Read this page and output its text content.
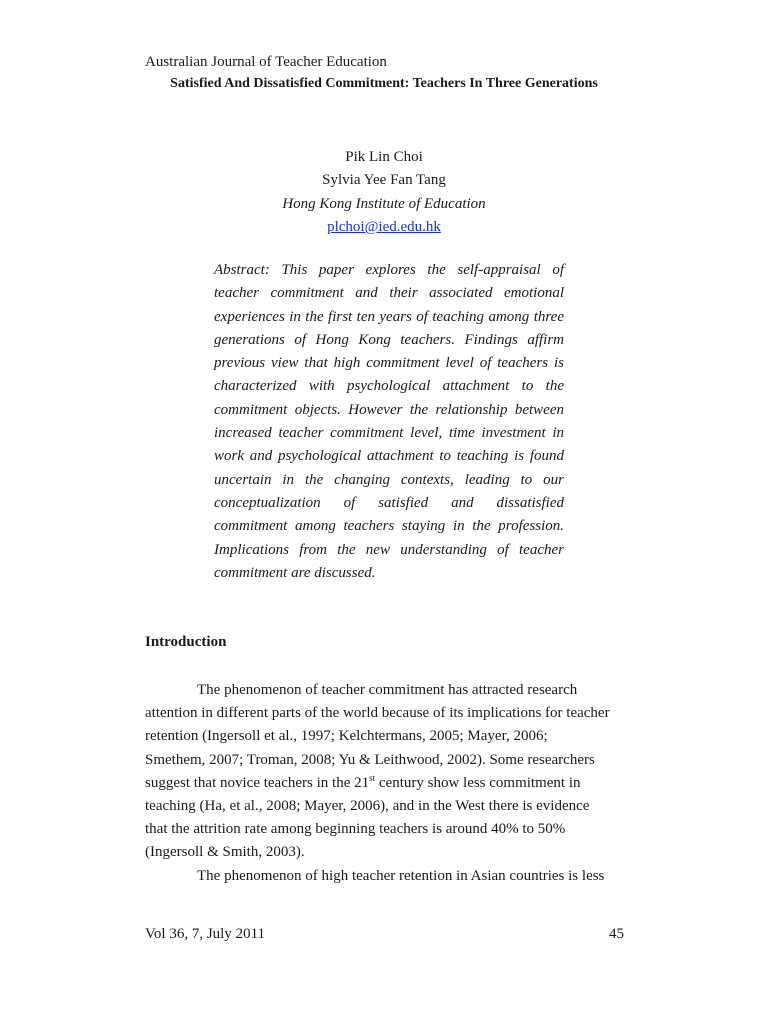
Australian Journal of Teacher Education
Satisfied And Dissatisfied Commitment: Teachers In Three Generations
Pik Lin Choi
Sylvia Yee Fan Tang
Hong Kong Institute of Education
plchoi@ied.edu.hk

Abstract: This paper explores the self-appraisal of teacher commitment and their associated emotional experiences in the first ten years of teaching among three generations of Hong Kong teachers. Findings affirm previous view that high commitment level of teachers is characterized with psychological attachment to the commitment objects. However the relationship between increased teacher commitment level, time investment in work and psychological attachment to teaching is found uncertain in the changing contexts, leading to our conceptualization of satisfied and dissatisfied commitment among teachers staying in the profession. Implications from the new understanding of teacher commitment are discussed.

Introduction

The phenomenon of teacher commitment has attracted research attention in different parts of the world because of its implications for teacher retention (Ingersoll et al., 1997; Kelchtermans, 2005; Mayer, 2006; Smethem, 2007; Troman, 2008; Yu & Leithwood, 2002). Some researchers suggest that novice teachers in the 21st century show less commitment in teaching (Ha, et al., 2008; Mayer, 2006), and in the West there is evidence that the attrition rate among beginning teachers is around 40% to 50% (Ingersoll & Smith, 2003).

The phenomenon of high teacher retention in Asian countries is less

Vol 36, 7, July 2011	45
